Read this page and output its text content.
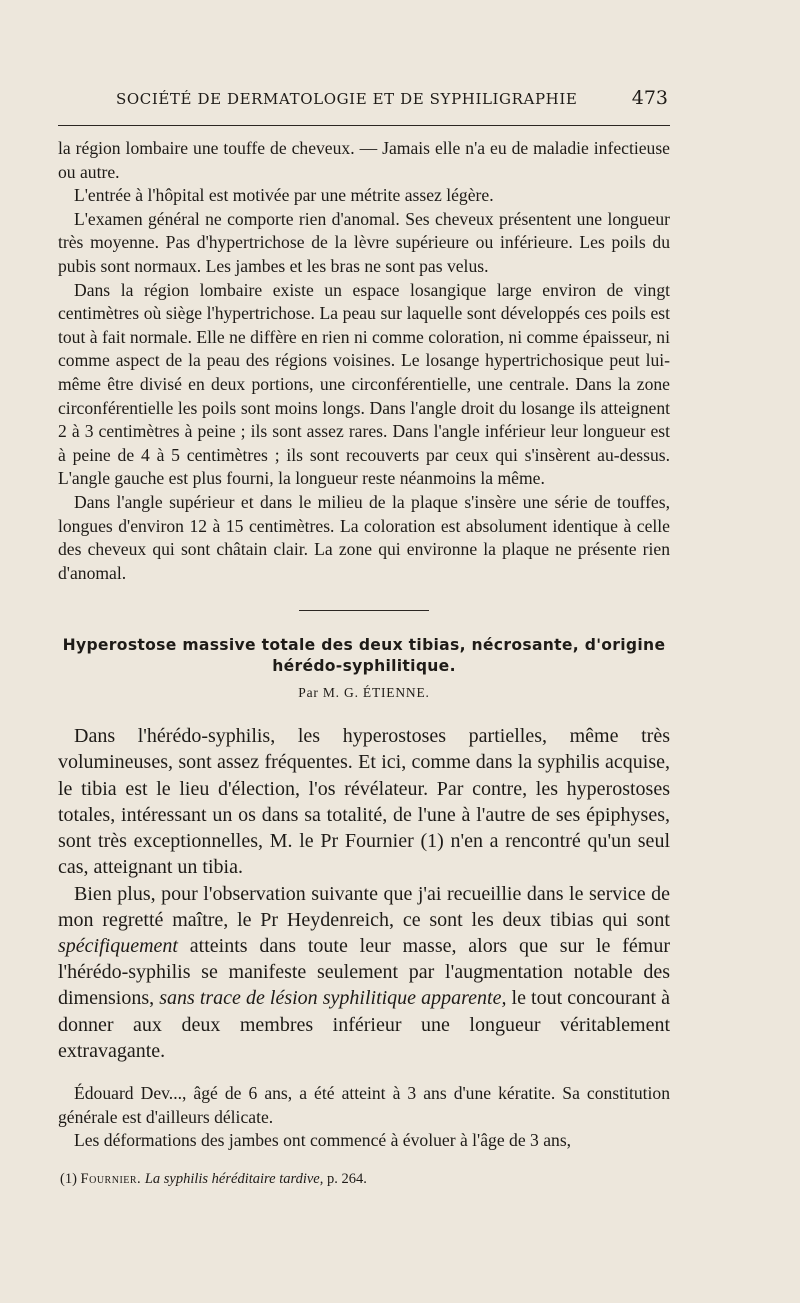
SOCIÉTÉ DE DERMATOLOGIE ET DE SYPHILIGRAPHIE	473

la région lombaire une touffe de cheveux. — Jamais elle n'a eu de maladie infectieuse ou autre.

L'entrée à l'hôpital est motivée par une métrite assez légère.

L'examen général ne comporte rien d'anomal. Ses cheveux présentent une longueur très moyenne. Pas d'hypertrichose de la lèvre supérieure ou inférieure. Les poils du pubis sont normaux. Les jambes et les bras ne sont pas velus.

Dans la région lombaire existe un espace losangique large environ de vingt centimètres où siège l'hypertrichose. La peau sur laquelle sont développés ces poils est tout à fait normale. Elle ne diffère en rien ni comme coloration, ni comme épaisseur, ni comme aspect de la peau des régions voisines. Le losange hypertrichosique peut lui-même être divisé en deux portions, une circonférentielle, une centrale. Dans la zone circonférentielle les poils sont moins longs. Dans l'angle droit du losange ils atteignent 2 à 3 centimètres à peine ; ils sont assez rares. Dans l'angle inférieur leur longueur est à peine de 4 à 5 centimètres ; ils sont recouverts par ceux qui s'insèrent au-dessus. L'angle gauche est plus fourni, la longueur reste néanmoins la même.

Dans l'angle supérieur et dans le milieu de la plaque s'insère une série de touffes, longues d'environ 12 à 15 centimètres. La coloration est absolument identique à celle des cheveux qui sont châtain clair. La zone qui environne la plaque ne présente rien d'anomal.

Hyperostose massive totale des deux tibias, nécrosante, d'origine hérédo-syphilitique.
Par M. G. ÉTIENNE.

Dans l'hérédo-syphilis, les hyperostoses partielles, même très volumineuses, sont assez fréquentes. Et ici, comme dans la syphilis acquise, le tibia est le lieu d'élection, l'os révélateur. Par contre, les hyperostoses totales, intéressant un os dans sa totalité, de l'une à l'autre de ses épiphyses, sont très exceptionnelles, M. le Pr Fournier (1) n'en a rencontré qu'un seul cas, atteignant un tibia.

Bien plus, pour l'observation suivante que j'ai recueillie dans le service de mon regretté maître, le Pr Heydenreich, ce sont les deux tibias qui sont spécifiquement atteints dans toute leur masse, alors que sur le fémur l'hérédo-syphilis se manifeste seulement par l'augmentation notable des dimensions, sans trace de lésion syphilitique apparente, le tout concourant à donner aux deux membres inférieur une longueur véritablement extravagante.

Édouard Dev..., âgé de 6 ans, a été atteint à 3 ans d'une kératite. Sa constitution générale est d'ailleurs délicate.

Les déformations des jambes ont commencé à évoluer à l'âge de 3 ans,

(1) Fournier. La syphilis héréditaire tardive, p. 264.
